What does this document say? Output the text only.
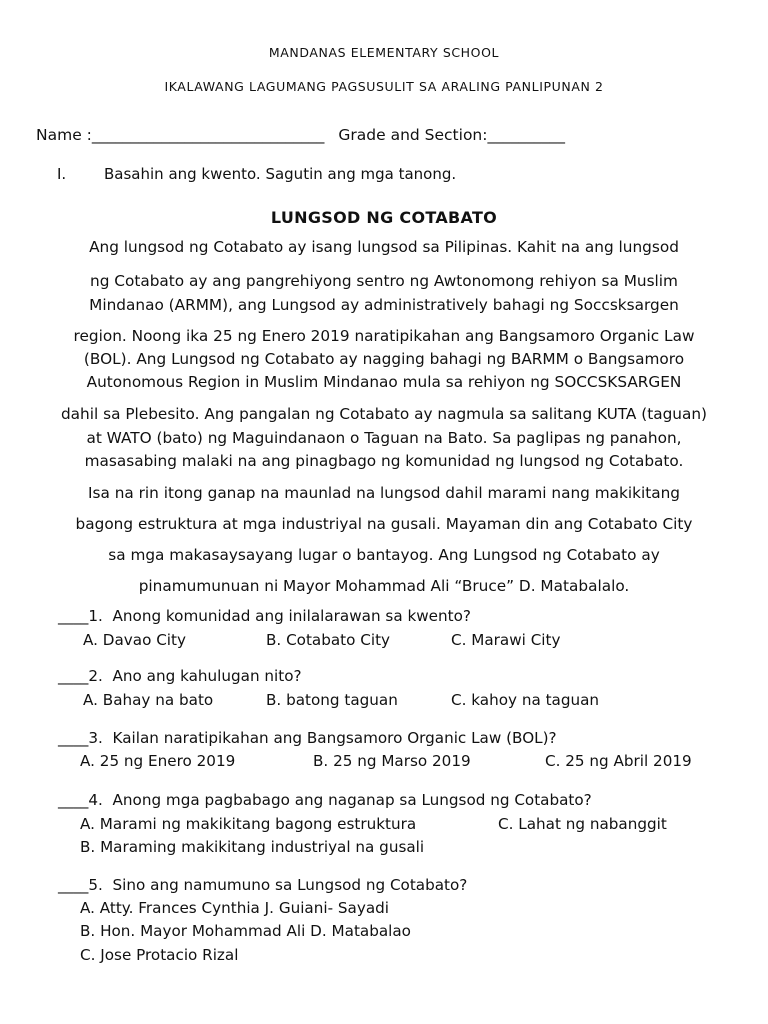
MANDANAS ELEMENTARY SCHOOL
IKALAWANG LAGUMANG PAGSUSULIT SA ARALING PANLIPUNAN 2
Name :______________________________ Grade and Section:__________
I.	Basahin ang kwento. Sagutin ang mga tanong.
LUNGSOD NG COTABATO
Ang lungsod ng Cotabato ay isang lungsod sa Pilipinas. Kahit na ang lungsod
ng Cotabato ay ang pangrehiyong sentro ng Awtonomong rehiyon sa Muslim
Mindanao (ARMM), ang Lungsod ay administratively bahagi ng Soccsksargen
region. Noong ika 25 ng Enero 2019 naratipikahan ang Bangsamoro Organic Law
(BOL). Ang Lungsod ng Cotabato ay nagging bahagi ng BARMM o Bangsamoro
Autonomous Region in Muslim Mindanao mula sa rehiyon ng SOCCSKSARGEN
dahil sa Plebesito. Ang pangalan ng Cotabato ay nagmula sa salitang KUTA (taguan)
at WATO (bato) ng Maguindanaon o Taguan na Bato. Sa paglipas ng panahon,
masasabing malaki na ang pinagbago ng komunidad ng lungsod ng Cotabato.
Isa na rin itong ganap na maunlad na lungsod dahil marami nang makikitang
bagong estruktura at mga industriyal na gusali. Mayaman din ang Cotabato City
sa mga makasaysayang lugar o bantayog. Ang Lungsod ng Cotabato ay
pinamumunuan ni Mayor Mohammad Ali “Bruce” D. Matabalalo.
____1. Anong komunidad ang inilalarawan sa kwento?
A. Davao City	B. Cotabato City	C. Marawi City
____2. Ano ang kahulugan nito?
A. Bahay na bato	B. batong taguan	C. kahoy na taguan
____3. Kailan naratipikahan ang Bangsamoro Organic Law (BOL)?
A. 25 ng Enero 2019	B. 25 ng Marso 2019	C. 25 ng Abril 2019
____4. Anong mga pagbabago ang naganap sa Lungsod ng Cotabato?
A. Marami ng makikitang bagong estruktura	C. Lahat ng nabanggit
B. Maraming makikitang industriyal na gusali
____5. Sino ang namumuno sa Lungsod ng Cotabato?
A. Atty. Frances Cynthia J. Guiani- Sayadi
B. Hon. Mayor Mohammad Ali D. Matabalao
C. Jose Protacio Rizal
